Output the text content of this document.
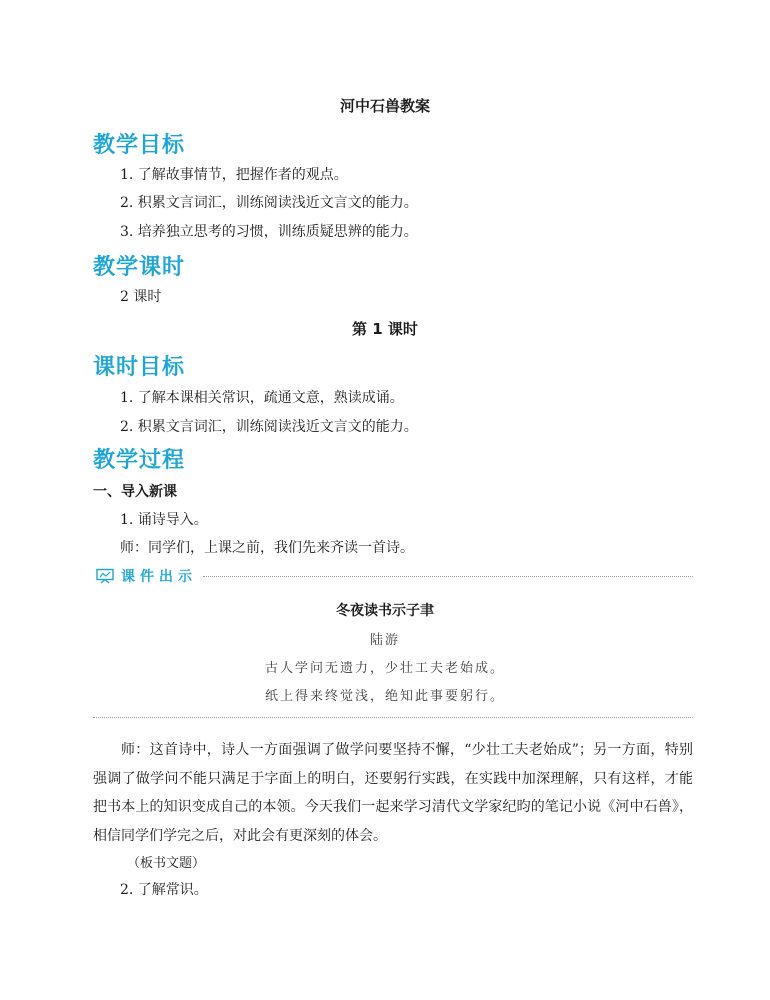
河中石兽教案
教学目标
1. 了解故事情节，把握作者的观点。
2. 积累文言词汇，训练阅读浅近文言文的能力。
3. 培养独立思考的习惯，训练质疑思辨的能力。
教学课时
2 课时
第 1 课时
课时目标
1. 了解本课相关常识，疏通文意，熟读成诵。
2. 积累文言词汇，训练阅读浅近文言文的能力。
教学过程
一、导入新课
1. 诵诗导入。
师：同学们，上课之前，我们先来齐读一首诗。
课件出示
冬夜读书示子聿
陆游
古人学问无遗力，少壮工夫老始成。
纸上得来终觉浅，绝知此事要躬行。
师：这首诗中，诗人一方面强调了做学问要坚持不懈，“少壮工夫老始成”；另一方面，特别强调了做学问不能只满足于字面上的明白，还要躬行实践，在实践中加深理解，只有这样，才能把书本上的知识变成自己的本领。今天我们一起来学习清代文学家纪昀的笔记小说《河中石兽》，相信同学们学完之后，对此会有更深刻的体会。
（板书文题）
2. 了解常识。
